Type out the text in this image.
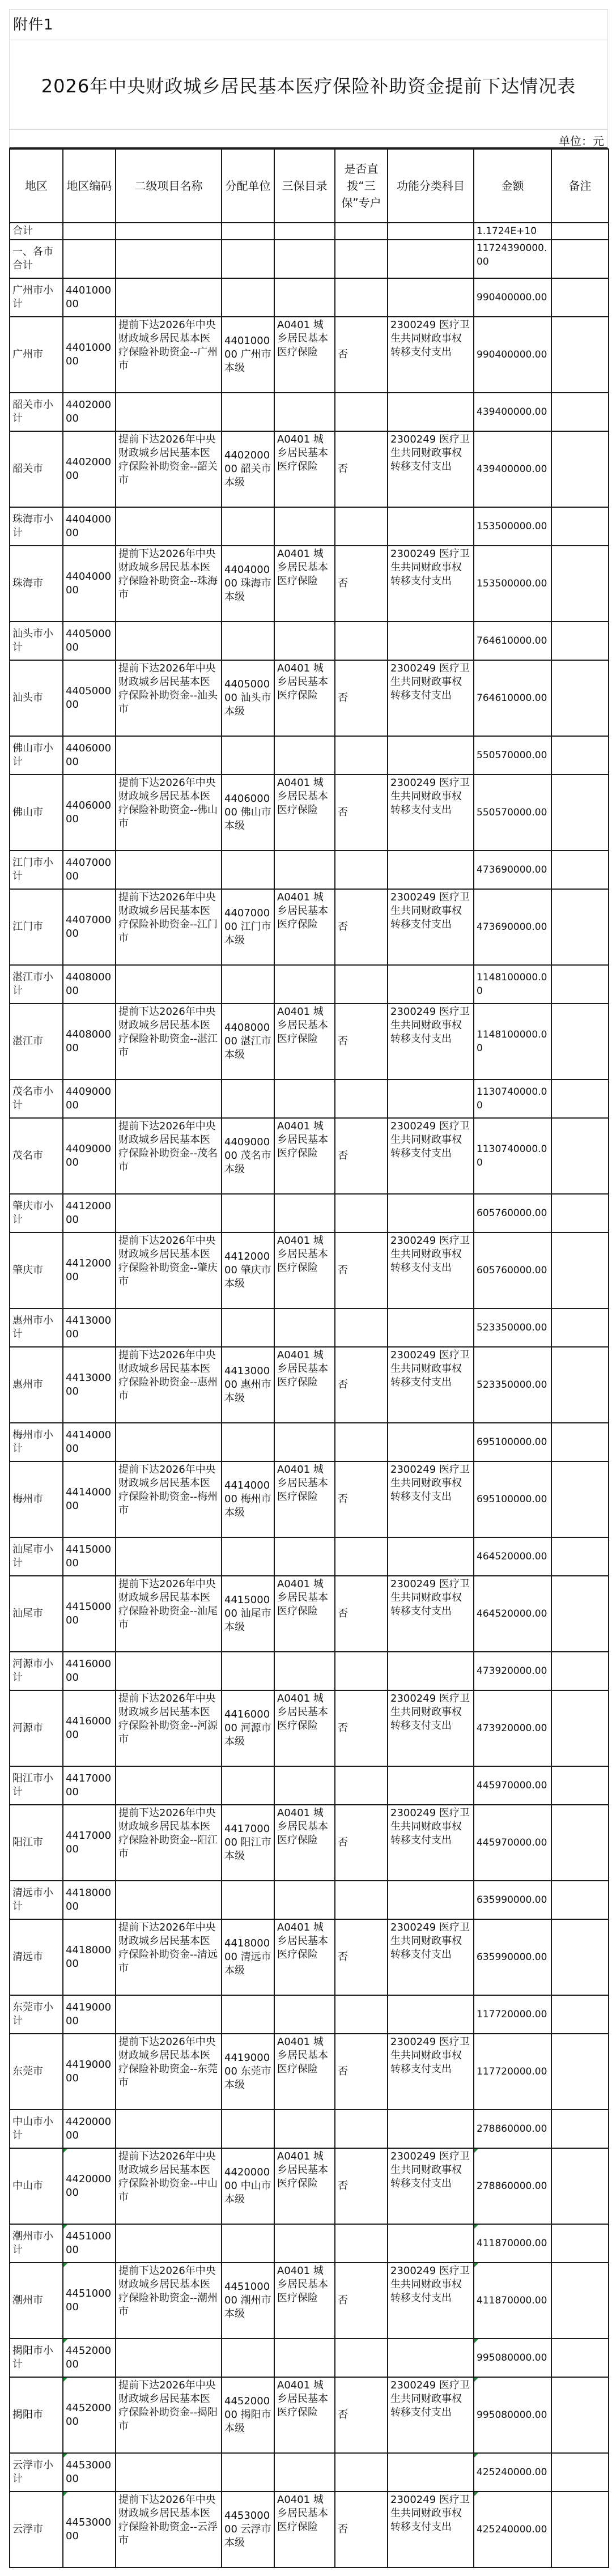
附件1
2026年中央财政城乡居民基本医疗保险补助资金提前下达情况表
单位：元
地区	地区编码	二级项目名称	分配单位	三保目录	是否直拨“三保”专户	功能分类科目	金额	备注
合计							1.1724E+10	
一、各市合计							11724390000.00	
广州市小计	440100000						990400000.00	
广州市	440100000	提前下达2026年中央财政城乡居民基本医疗保险补助资金--广州市	440100000 广州市本级	A0401 城乡居民基本医疗保险	否	2300249 医疗卫生共同财政事权转移支付支出	990400000.00	
韶关市小计	440200000						439400000.00	
韶关市	440200000	提前下达2026年中央财政城乡居民基本医疗保险补助资金--韶关市	440200000 韶关市本级	A0401 城乡居民基本医疗保险	否	2300249 医疗卫生共同财政事权转移支付支出	439400000.00	
珠海市小计	440400000						153500000.00	
珠海市	440400000	提前下达2026年中央财政城乡居民基本医疗保险补助资金--珠海市	440400000 珠海市本级	A0401 城乡居民基本医疗保险	否	2300249 医疗卫生共同财政事权转移支付支出	153500000.00	
汕头市小计	440500000						764610000.00	
汕头市	440500000	提前下达2026年中央财政城乡居民基本医疗保险补助资金--汕头市	440500000 汕头市本级	A0401 城乡居民基本医疗保险	否	2300249 医疗卫生共同财政事权转移支付支出	764610000.00	
佛山市小计	440600000						550570000.00	
佛山市	440600000	提前下达2026年中央财政城乡居民基本医疗保险补助资金--佛山市	440600000 佛山市本级	A0401 城乡居民基本医疗保险	否	2300249 医疗卫生共同财政事权转移支付支出	550570000.00	
江门市小计	440700000						473690000.00	
江门市	440700000	提前下达2026年中央财政城乡居民基本医疗保险补助资金--江门市	440700000 江门市本级	A0401 城乡居民基本医疗保险	否	2300249 医疗卫生共同财政事权转移支付支出	473690000.00	
湛江市小计	440800000						1148100000.00	
湛江市	440800000	提前下达2026年中央财政城乡居民基本医疗保险补助资金--湛江市	440800000 湛江市本级	A0401 城乡居民基本医疗保险	否	2300249 医疗卫生共同财政事权转移支付支出	1148100000.00	
茂名市小计	440900000						1130740000.00	
茂名市	440900000	提前下达2026年中央财政城乡居民基本医疗保险补助资金--茂名市	440900000 茂名市本级	A0401 城乡居民基本医疗保险	否	2300249 医疗卫生共同财政事权转移支付支出	1130740000.00	
肇庆市小计	441200000						605760000.00	
肇庆市	441200000	提前下达2026年中央财政城乡居民基本医疗保险补助资金--肇庆市	441200000 肇庆市本级	A0401 城乡居民基本医疗保险	否	2300249 医疗卫生共同财政事权转移支付支出	605760000.00	
惠州市小计	441300000						523350000.00	
惠州市	441300000	提前下达2026年中央财政城乡居民基本医疗保险补助资金--惠州市	441300000 惠州市本级	A0401 城乡居民基本医疗保险	否	2300249 医疗卫生共同财政事权转移支付支出	523350000.00	
梅州市小计	441400000						695100000.00	
梅州市	441400000	提前下达2026年中央财政城乡居民基本医疗保险补助资金--梅州市	441400000 梅州市本级	A0401 城乡居民基本医疗保险	否	2300249 医疗卫生共同财政事权转移支付支出	695100000.00	
汕尾市小计	441500000						464520000.00	
汕尾市	441500000	提前下达2026年中央财政城乡居民基本医疗保险补助资金--汕尾市	441500000 汕尾市本级	A0401 城乡居民基本医疗保险	否	2300249 医疗卫生共同财政事权转移支付支出	464520000.00	
河源市小计	441600000						473920000.00	
河源市	441600000	提前下达2026年中央财政城乡居民基本医疗保险补助资金--河源市	441600000 河源市本级	A0401 城乡居民基本医疗保险	否	2300249 医疗卫生共同财政事权转移支付支出	473920000.00	
阳江市小计	441700000						445970000.00	
阳江市	441700000	提前下达2026年中央财政城乡居民基本医疗保险补助资金--阳江市	441700000 阳江市本级	A0401 城乡居民基本医疗保险	否	2300249 医疗卫生共同财政事权转移支付支出	445970000.00	
清远市小计	441800000						635990000.00	
清远市	441800000	提前下达2026年中央财政城乡居民基本医疗保险补助资金--清远市	441800000 清远市本级	A0401 城乡居民基本医疗保险	否	2300249 医疗卫生共同财政事权转移支付支出	635990000.00	
东莞市小计	441900000						117720000.00	
东莞市	441900000	提前下达2026年中央财政城乡居民基本医疗保险补助资金--东莞市	441900000 东莞市本级	A0401 城乡居民基本医疗保险	否	2300249 医疗卫生共同财政事权转移支付支出	117720000.00	
中山市小计	442000000						278860000.00	
中山市	442000000	提前下达2026年中央财政城乡居民基本医疗保险补助资金--中山市	442000000 中山市本级	A0401 城乡居民基本医疗保险	否	2300249 医疗卫生共同财政事权转移支付支出	278860000.00	
潮州市小计	445100000						411870000.00	
潮州市	445100000	提前下达2026年中央财政城乡居民基本医疗保险补助资金--潮州市	445100000 潮州市本级	A0401 城乡居民基本医疗保险	否	2300249 医疗卫生共同财政事权转移支付支出	411870000.00	
揭阳市小计	445200000						995080000.00	
揭阳市	445200000	提前下达2026年中央财政城乡居民基本医疗保险补助资金--揭阳市	445200000 揭阳市本级	A0401 城乡居民基本医疗保险	否	2300249 医疗卫生共同财政事权转移支付支出	995080000.00	
云浮市小计	445300000						425240000.00	
云浮市	445300000	提前下达2026年中央财政城乡居民基本医疗保险补助资金--云浮市	445300000 云浮市本级	A0401 城乡居民基本医疗保险	否	2300249 医疗卫生共同财政事权转移支付支出	425240000.00	
